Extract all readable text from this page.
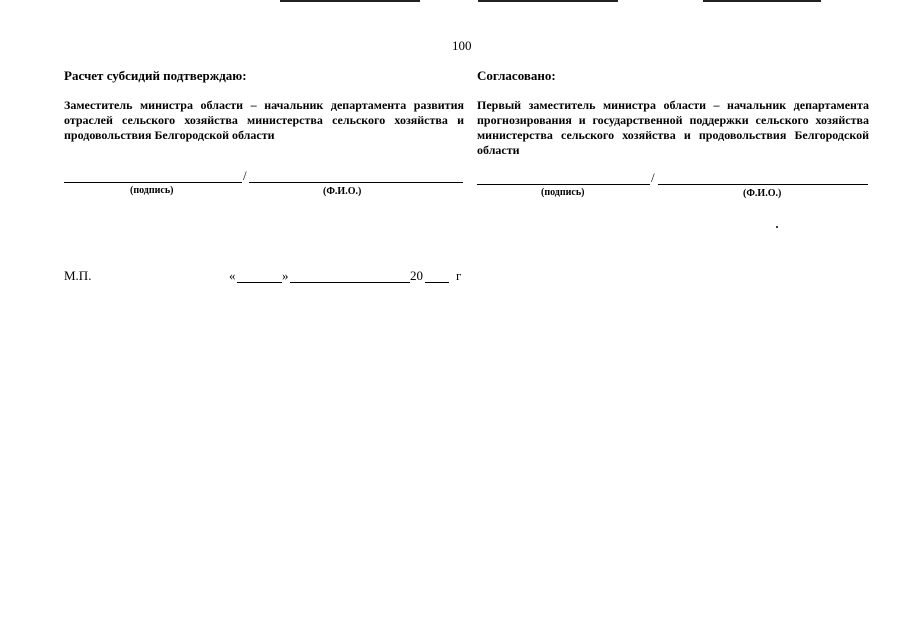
100
Расчет субсидий подтверждаю:
Заместитель министра области – начальник департамента развития отраслей сельского хозяйства министерства сельского хозяйства и продовольствия Белгородской области
/
(подпись)	(Ф.И.О.)
Согласовано:
Первый заместитель министра области – начальник департамента прогнозирования и государственной поддержки сельского хозяйства министерства сельского хозяйства и продовольствия Белгородской области
/
(подпись)	(Ф.И.О.)
М.П.	«	»	20	г
